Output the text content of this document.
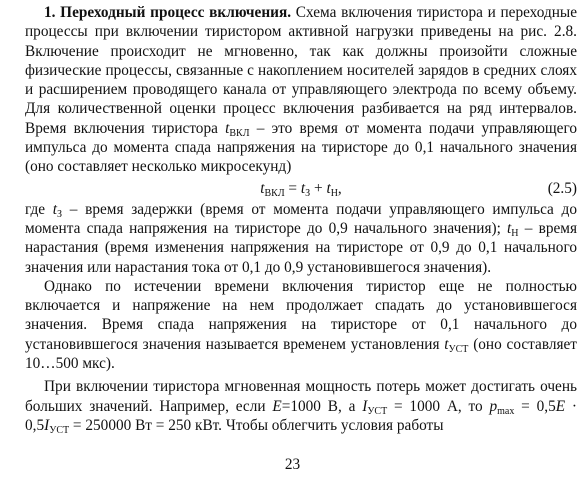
1. Переходный процесс включения. Схема включения тиристора и переходные процессы при включении тиристором активной нагрузки приведены на рис. 2.8. Включение происходит не мгновенно, так как должны произойти сложные физические процессы, связанные с накоплением носителей зарядов в средних слоях и расширением проводящего канала от управляющего электрода по всему объему. Для количественной оценки процесс включения разбивается на ряд интервалов. Время включения тиристора $t_{ВКЛ}$ – это время от момента подачи управляющего импульса до момента спада напряжения на тиристоре до 0,1 начального значения (оно составляет несколько микросекунд)

$t_{ВКЛ} = t_З + t_Н$,	(2.5)

где $t_З$ – время задержки (время от момента подачи управляющего импульса до момента спада напряжения на тиристоре до 0,9 начального значения); $t_Н$ – время нарастания (время изменения напряжения на тиристоре от 0,9 до 0,1 начального значения или нарастания тока от 0,1 до 0,9 установившегося значения).

Однако по истечении времени включения тиристор еще не полностью включается и напряжение на нем продолжает спадать до установившегося значения. Время спада напряжения на тиристоре от 0,1 начального до установившегося значения называется временем установления $t_{УСТ}$ (оно составляет 10…500 мкс).

При включении тиристора мгновенная мощность потерь может достигать очень больших значений. Например, если E=1000 В, а $I_{УСТ} = 1000$ А, то $p_{max} = 0,5E \cdot 0,5I_{УСТ} = 250000$ Вт = 250 кВт. Чтобы облегчить условия работы

23
